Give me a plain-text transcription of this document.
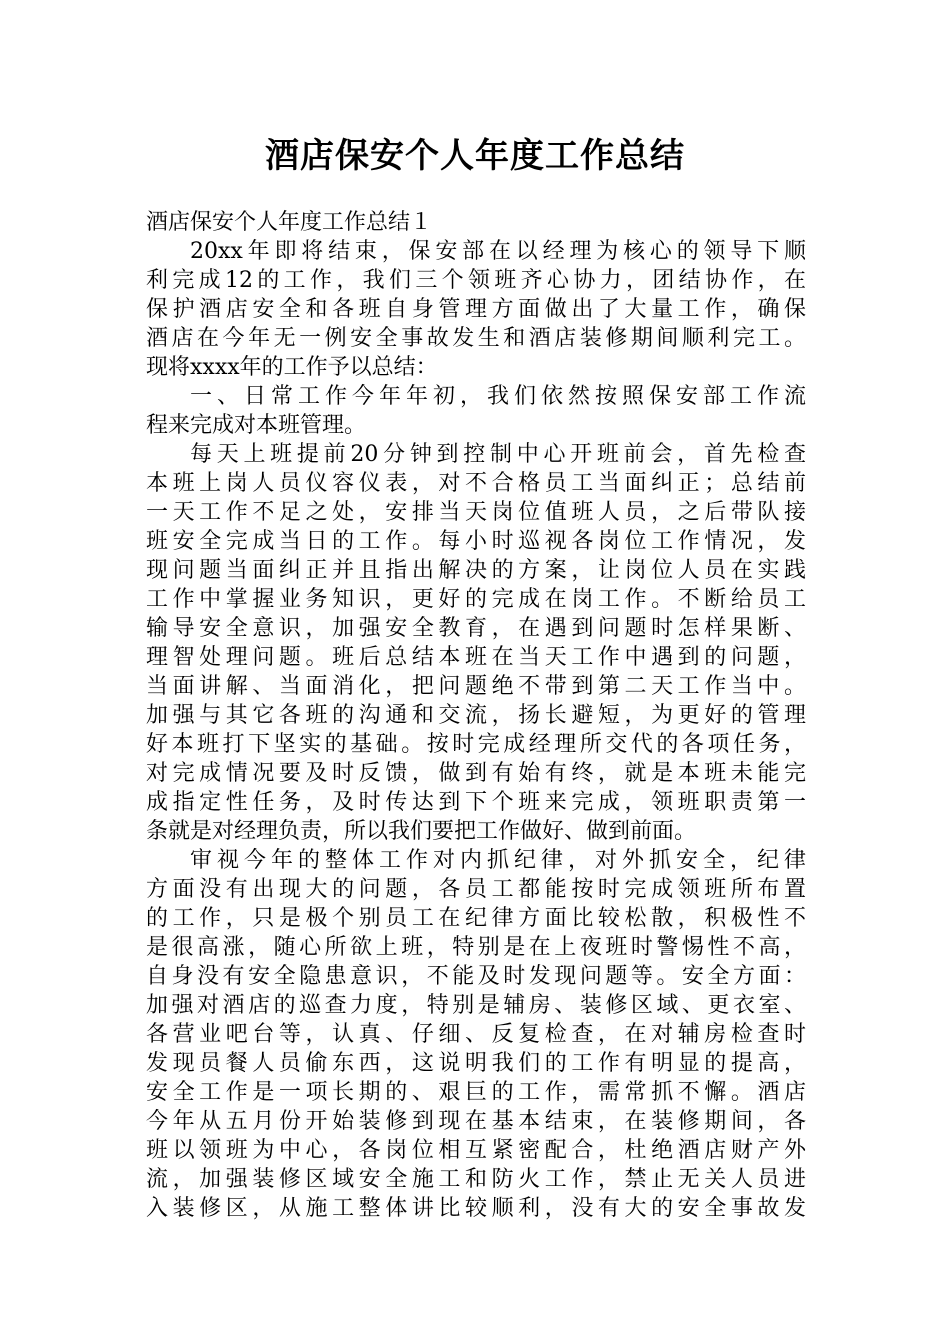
酒店保安个人年度工作总结
酒店保安个人年度工作总结１
20xx年即将结束，保安部在以经理为核心的领导下顺
利完成12的工作，我们三个领班齐心协力，团结协作，在
保护酒店安全和各班自身管理方面做出了大量工作，确保
酒店在今年无一例安全事故发生和酒店装修期间顺利完工。
现将xxxx年的工作予以总结：
一、日常工作今年年初，我们依然按照保安部工作流
程来完成对本班管理。
每天上班提前20分钟到控制中心开班前会，首先检查
本班上岗人员仪容仪表，对不合格员工当面纠正；总结前
一天工作不足之处，安排当天岗位值班人员，之后带队接
班安全完成当日的工作。每小时巡视各岗位工作情况，发
现问题当面纠正并且指出解决的方案，让岗位人员在实践
工作中掌握业务知识，更好的完成在岗工作。不断给员工
输导安全意识，加强安全教育，在遇到问题时怎样果断、
理智处理问题。班后总结本班在当天工作中遇到的问题，
当面讲解、当面消化，把问题绝不带到第二天工作当中。
加强与其它各班的沟通和交流，扬长避短，为更好的管理
好本班打下坚实的基础。按时完成经理所交代的各项任务，
对完成情况要及时反馈，做到有始有终，就是本班未能完
成指定性任务，及时传达到下个班来完成，领班职责第一
条就是对经理负责，所以我们要把工作做好、做到前面。
审视今年的整体工作对内抓纪律，对外抓安全，纪律
方面没有出现大的问题，各员工都能按时完成领班所布置
的工作，只是极个别员工在纪律方面比较松散，积极性不
是很高涨，随心所欲上班，特别是在上夜班时警惕性不高，
自身没有安全隐患意识，不能及时发现问题等。安全方面：
加强对酒店的巡查力度，特别是辅房、装修区域、更衣室、
各营业吧台等，认真、仔细、反复检查，在对辅房检查时
发现员餐人员偷东西，这说明我们的工作有明显的提高，
安全工作是一项长期的、艰巨的工作，需常抓不懈。酒店
今年从五月份开始装修到现在基本结束，在装修期间，各
班以领班为中心，各岗位相互紧密配合，杜绝酒店财产外
流，加强装修区域安全施工和防火工作，禁止无关人员进
入装修区，从施工整体讲比较顺利，没有大的安全事故发
